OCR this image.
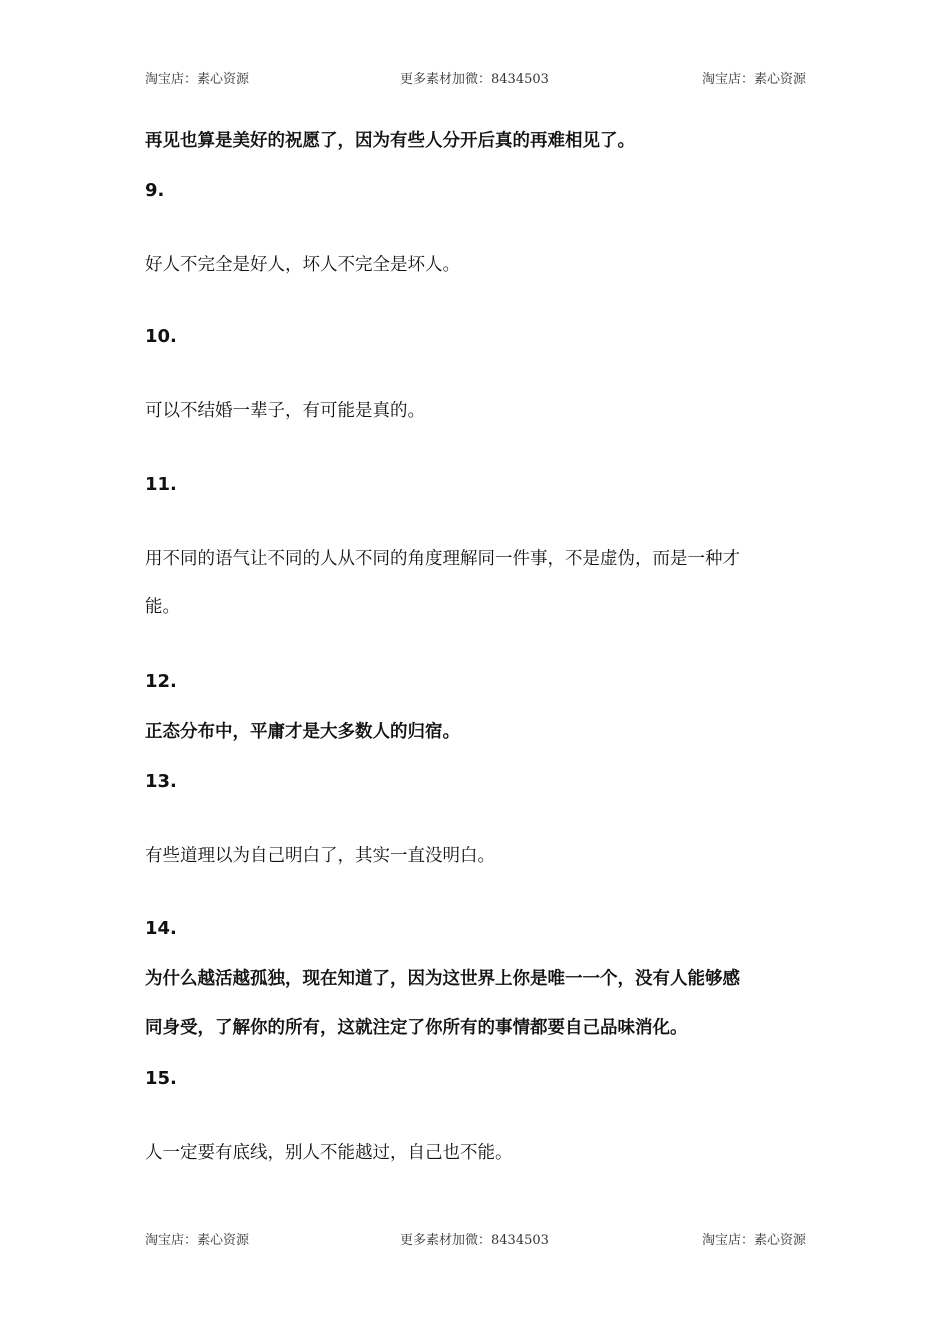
淘宝店：素心资源	更多素材加微：8434503	淘宝店：素心资源
再见也算是美好的祝愿了，因为有些人分开后真的再难相见了。
9.
好人不完全是好人，坏人不完全是坏人。
10.
可以不结婚一辈子，有可能是真的。
11.
用不同的语气让不同的人从不同的角度理解同一件事，不是虚伪，而是一种才
能。
12.
正态分布中，平庸才是大多数人的归宿。
13.
有些道理以为自己明白了，其实一直没明白。
14.
为什么越活越孤独，现在知道了，因为这世界上你是唯一一个，没有人能够感
同身受，了解你的所有，这就注定了你所有的事情都要自己品味消化。
15.
人一定要有底线，别人不能越过，自己也不能。
淘宝店：素心资源	更多素材加微：8434503	淘宝店：素心资源
